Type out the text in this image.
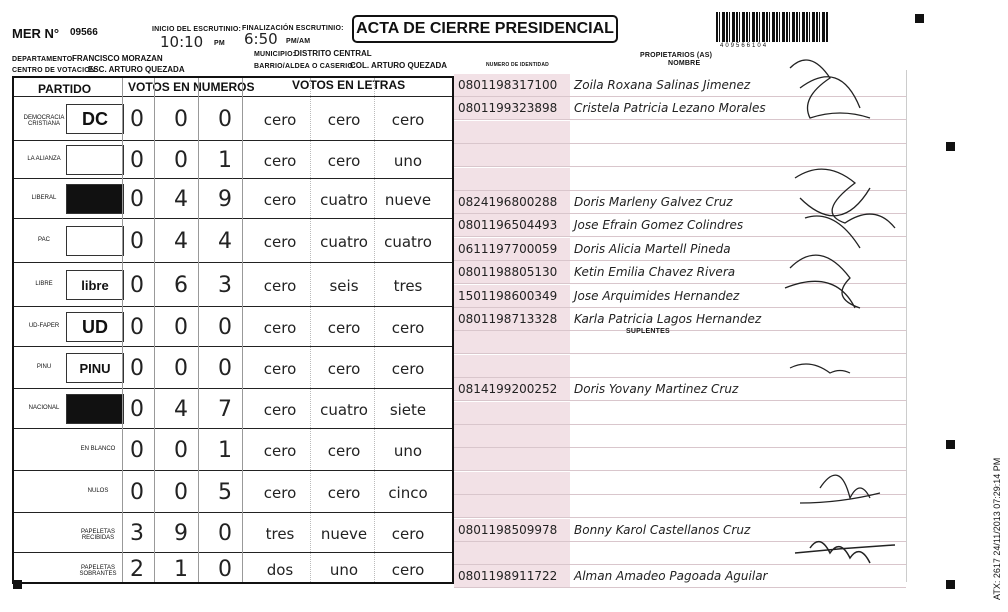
MER N° 09566	INICIO DEL ESCRUTINIO:
10:10 PM
FINALIZACIÓN ESCRUTINIO:
6:50 PM/AM
ACTA DE CIERRE PRESIDENCIAL
409566104
DEPARTAMENTO:
FRANCISCO MORAZAN	MUNICIPIO:
DISTRITO CENTRAL
CENTRO DE VOTACION:
ESC. ARTURO QUEZADA	BARRIO/ALDEA O CASERIO:
COL. ARTURO QUEZADA
PROPIETARIOS (AS)
NOMBRE
NUMERO DE IDENTIDAD
PARTIDO	VOTOS EN NUMEROS	VOTOS EN LETRAS
DEMOCRACIA CRISTIANA	DC	0	0	0	cero	cero	cero
LA ALIANZA	0	0	1	cero	cero	uno
LIBERAL	0	4	9	cero	cuatro	nueve
PAC	0	4	4	cero	cuatro	cuatro
LIBRE	libre 0	6	3	cero	seis	tres
UD-FAPER	UD	0	0	0	cero	cero	cero
PINU	PINU 0	0	0	cero	cero	cero
NACIONAL	0	4	7	cero	cuatro	siete
EN BLANCO 0	0	1	cero	cero	uno
NULOS 0	0	5	cero	cero	cinco
PAPELETAS RECIBIDAS 3	9	0	tres	nueve	cero
PAPELETAS SOBRANTES 2	1	0	dos	uno	cero
0801198317100	Zoila Roxana Salinas Jimenez
0801199323898	Cristela Patricia Lezano Morales
0824196800288	Doris Marleny Galvez Cruz
0801196504493	Jose Efrain Gomez Colindres
0611197700059	Doris Alicia Martell Pineda
0801198805130	Ketin Emilia Chavez Rivera
1501198600349	Jose Arquimides Hernandez
0801198713328	Karla Patricia Lagos Hernandez
0814199200252	Doris Yovany Martinez Cruz
0801198509978	Bonny Karol Castellanos Cruz
0801198911722	Alman Amadeo Pagoada Aguilar
SUPLENTES
ATX: 2617 24/11/2013 07:29:14 PM
